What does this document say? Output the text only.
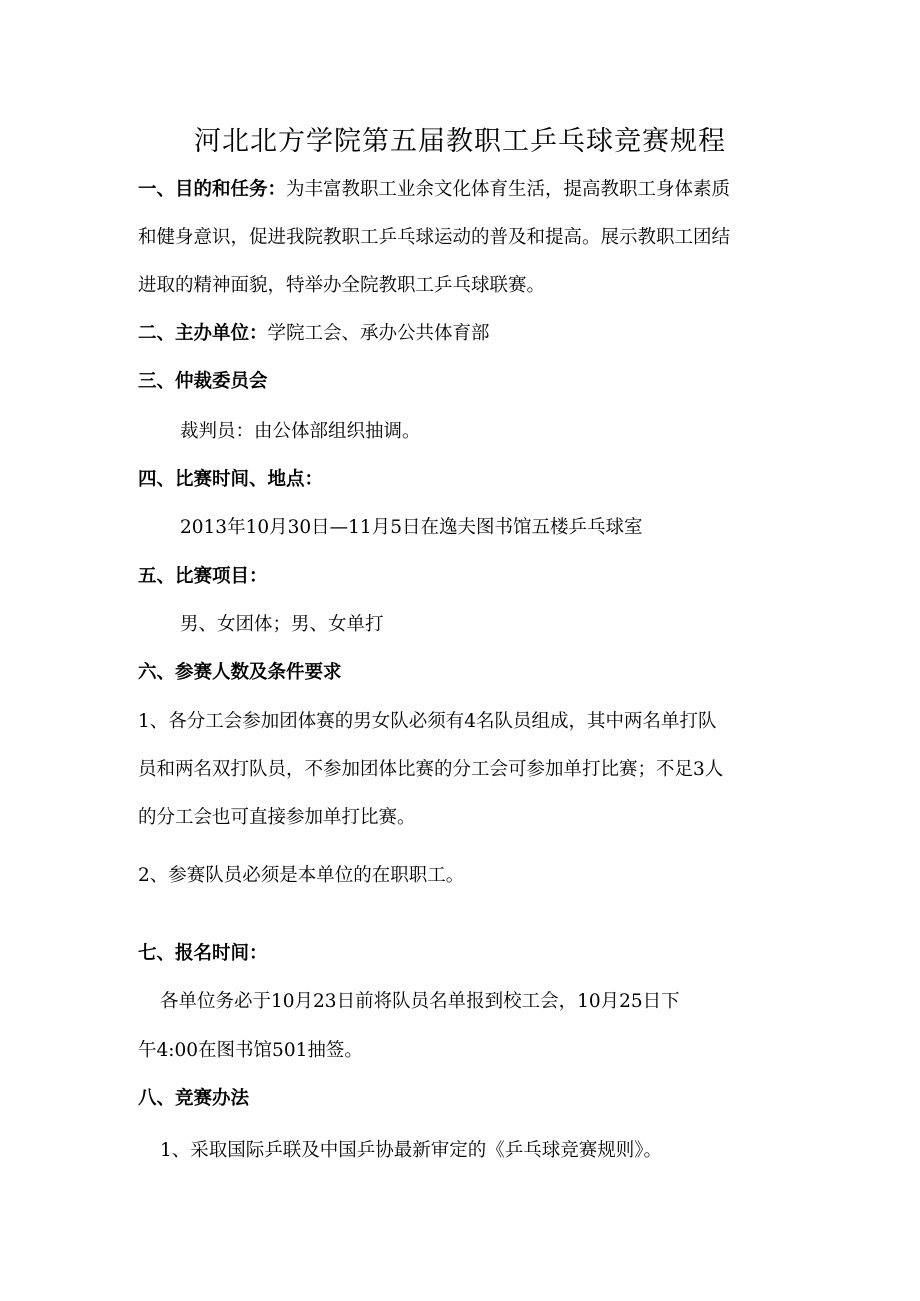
河北北方学院第五届教职工乒乓球竞赛规程
一、目的和任务：为丰富教职工业余文化体育生活，提高教职工身体素质
和健身意识，促进我院教职工乒乓球运动的普及和提高。展示教职工团结
进取的精神面貌，特举办全院教职工乒乓球联赛。
二、主办单位：学院工会、承办公共体育部
三、仲裁委员会
裁判员：由公体部组织抽调。
四、比赛时间、地点：
2013年10月30日—11月5日在逸夫图书馆五楼乒乓球室
五、比赛项目：
男、女团体；男、女单打
六、参赛人数及条件要求
1、各分工会参加团体赛的男女队必须有4名队员组成，其中两名单打队
员和两名双打队员，不参加团体比赛的分工会可参加单打比赛；不足3人
的分工会也可直接参加单打比赛。
2、参赛队员必须是本单位的在职职工。
七、报名时间：
各单位务必于10月23日前将队员名单报到校工会，10月25日下
午4:00在图书馆501抽签。
八、竞赛办法
1、采取国际乒联及中国乒协最新审定的《乒乓球竞赛规则》。
